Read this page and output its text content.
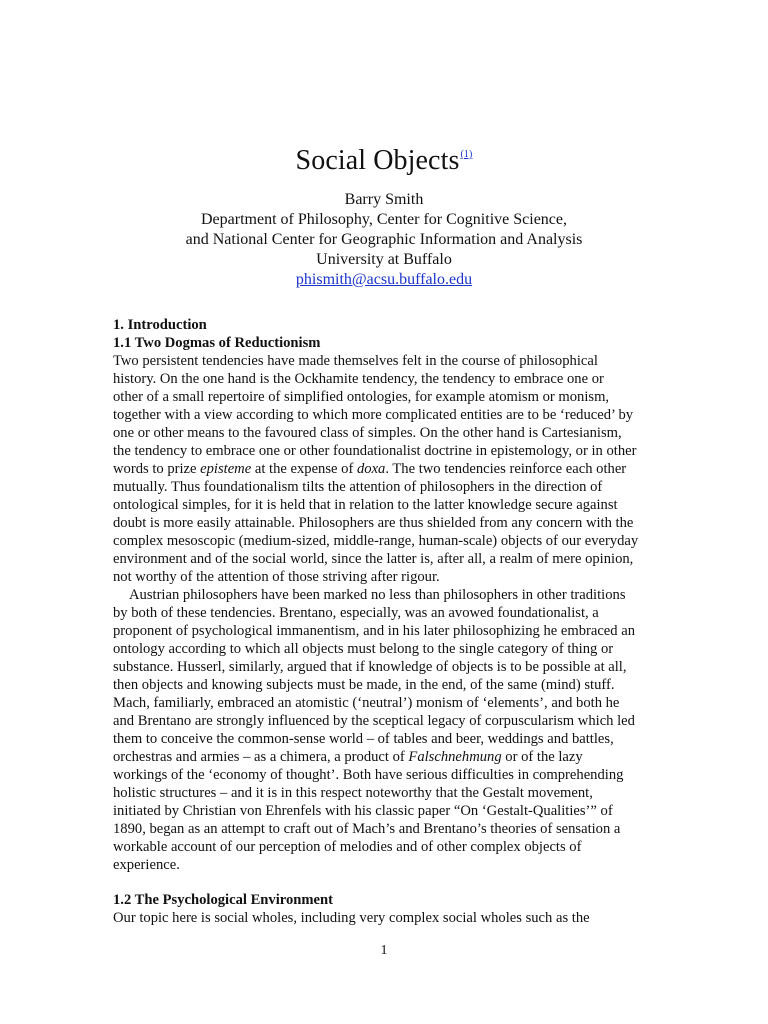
Social Objects$^{(1)}$
Barry Smith
Department of Philosophy, Center for Cognitive Science,
and National Center for Geographic Information and Analysis
University at Buffalo
phismith@acsu.buffalo.edu
1. Introduction
1.1 Two Dogmas of Reductionism
Two persistent tendencies have made themselves felt in the course of philosophical
history. On the one hand is the Ockhamite tendency, the tendency to embrace one or
other of a small repertoire of simplified ontologies, for example atomism or monism,
together with a view according to which more complicated entities are to be ‘reduced’ by
one or other means to the favoured class of simples. On the other hand is Cartesianism,
the tendency to embrace one or other foundationalist doctrine in epistemology, or in other
words to prize episteme at the expense of doxa. The two tendencies reinforce each other
mutually. Thus foundationalism tilts the attention of philosophers in the direction of
ontological simples, for it is held that in relation to the latter knowledge secure against
doubt is more easily attainable. Philosophers are thus shielded from any concern with the
complex mesoscopic (medium-sized, middle-range, human-scale) objects of our everyday
environment and of the social world, since the latter is, after all, a realm of mere opinion,
not worthy of the attention of those striving after rigour.
Austrian philosophers have been marked no less than philosophers in other traditions
by both of these tendencies. Brentano, especially, was an avowed foundationalist, a
proponent of psychological immanentism, and in his later philosophizing he embraced an
ontology according to which all objects must belong to the single category of thing or
substance. Husserl, similarly, argued that if knowledge of objects is to be possible at all,
then objects and knowing subjects must be made, in the end, of the same (mind) stuff.
Mach, familiarly, embraced an atomistic (‘neutral’) monism of ‘elements’, and both he
and Brentano are strongly influenced by the sceptical legacy of corpuscularism which led
them to conceive the common-sense world – of tables and beer, weddings and battles,
orchestras and armies – as a chimera, a product of Falschnehmung or of the lazy
workings of the ‘economy of thought’. Both have serious difficulties in comprehending
holistic structures – and it is in this respect noteworthy that the Gestalt movement,
initiated by Christian von Ehrenfels with his classic paper “On ‘Gestalt-Qualities’” of
1890, began as an attempt to craft out of Mach’s and Brentano’s theories of sensation a
workable account of our perception of melodies and of other complex objects of
experience.
1.2 The Psychological Environment
Our topic here is social wholes, including very complex social wholes such as the
1
